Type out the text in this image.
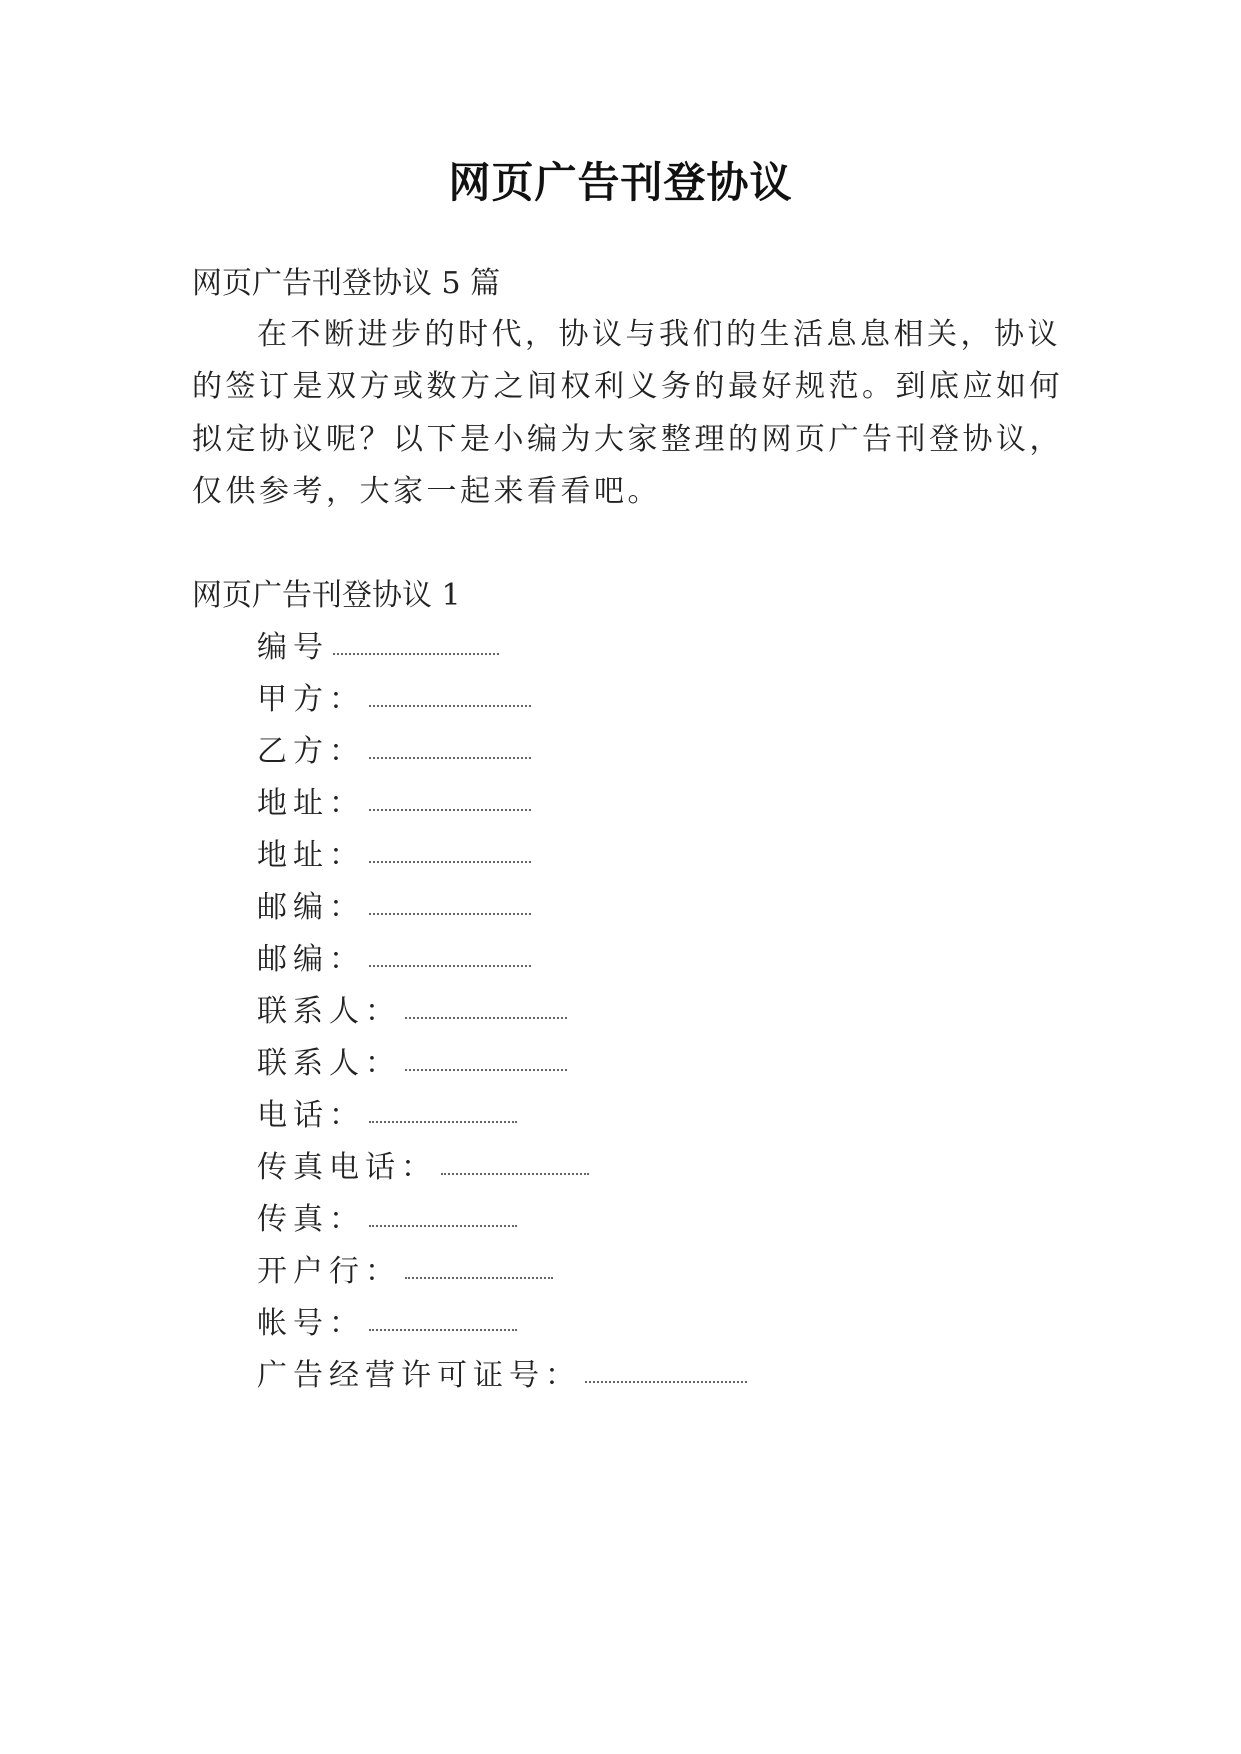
网页广告刊登协议
网页广告刊登协议 5 篇
在不断进步的时代，协议与我们的生活息息相关，协议
的签订是双方或数方之间权利义务的最好规范。到底应如何
拟定协议呢？以下是小编为大家整理的网页广告刊登协议，
仅供参考，大家一起来看看吧。
网页广告刊登协议 1
编号
甲方：
乙方：
地址：
地址：
邮编：
邮编：
联系人：
联系人：
电话：
传真电话：
传真：
开户行：
帐号：
广告经营许可证号：
